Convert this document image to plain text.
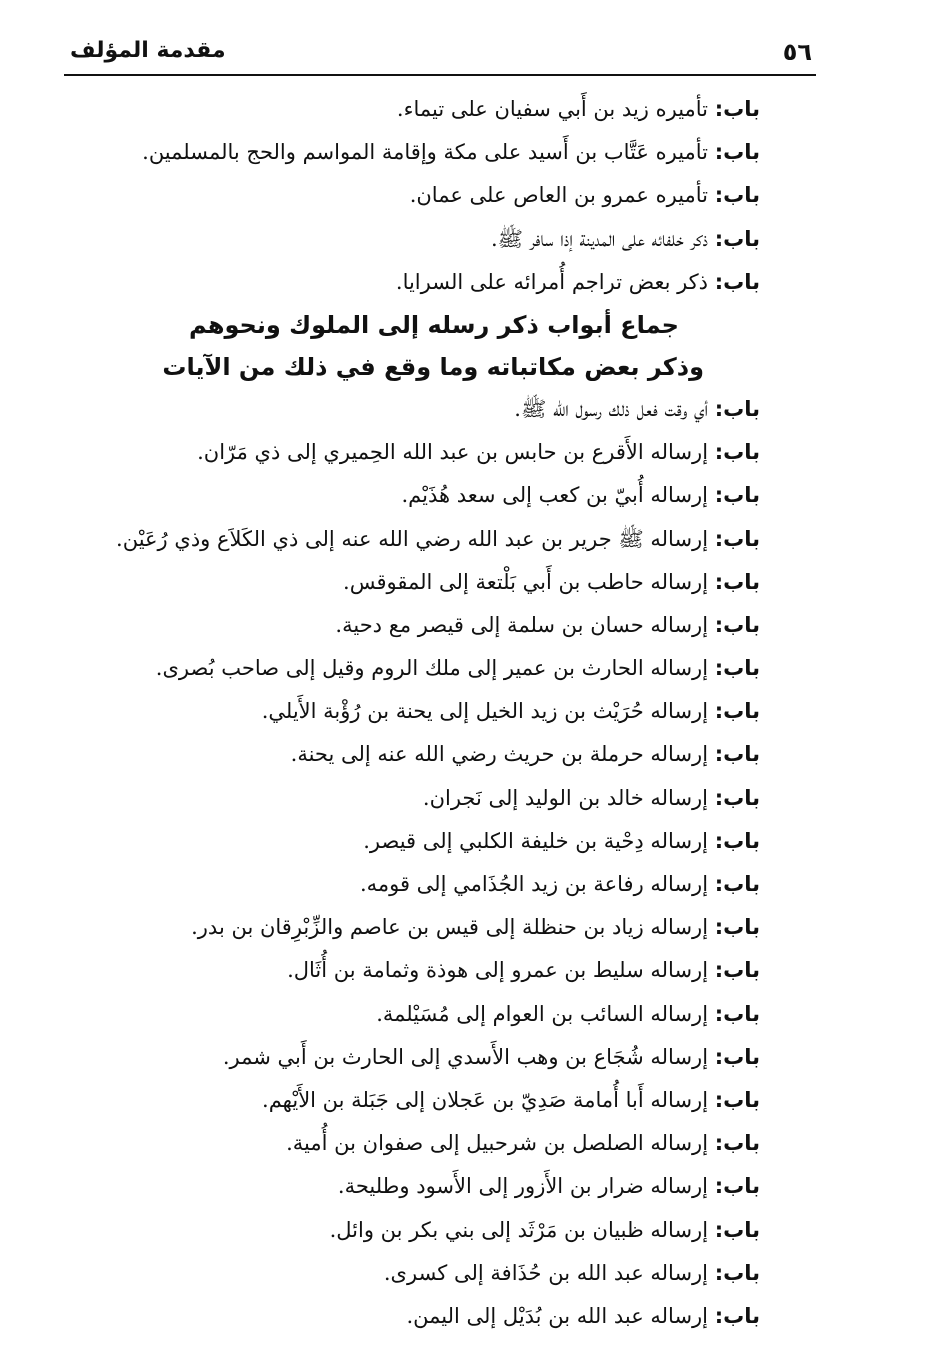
٥٦
مقدمة المؤلف
باب: تأميره زيد بن أَبي سفيان على تيماء.
باب: تأميره عَتَّاب بن أَسيد على مكة وإقامة المواسم والحج بالمسلمين.
باب: تأميره عمرو بن العاص على عمان.
باب: ذكر خلفائه على المدينة إذا سافر ﷺ.
باب: ذكر بعض تراجم أُمرائه على السرايا.
جماع أبواب ذكر رسله إلى الملوك ونحوهم
وذكر بعض مكاتباته وما وقع في ذلك من الآيات
باب: أي وقت فعل ذلك رسول الله ﷺ.
باب: إرساله الأَقرع بن حابس بن عبد الله الحِميري إلى ذي مَرّان.
باب: إرساله أُبيّ بن كعب إلى سعد هُذَيْم.
باب: إرساله ﷺ جرير بن عبد الله رضي الله عنه إلى ذي الكَلاَع وذي رُعَيْن.
باب: إرساله حاطب بن أَبي بَلْتعة إلى المقوقس.
باب: إرساله حسان بن سلمة إلى قيصر مع دحية.
باب: إرساله الحارث بن عمير إلى ملك الروم وقيل إلى صاحب بُصرى.
باب: إرساله حُرَيْث بن زيد الخيل إلى يحنة بن رُؤْبة الأَيلي.
باب: إرساله حرملة بن حريث رضي الله عنه إلى يحنة.
باب: إرساله خالد بن الوليد إلى نَجران.
باب: إرساله دِحْية بن خليفة الكلبي إلى قيصر.
باب: إرساله رفاعة بن زيد الجُذَامي إلى قومه.
باب: إرساله زياد بن حنظلة إلى قيس بن عاصم والزِّبْرِقان بن بدر.
باب: إرساله سليط بن عمرو إلى هوذة وثمامة بن أُثَال.
باب: إرساله السائب بن العوام إلى مُسَيْلمة.
باب: إرساله شُجَاع بن وهب الأَسدي إلى الحارث بن أَبي شمر.
باب: إرساله أَبا أُمامة صَدِيّ بن عَجلان إلى جَبَلة بن الأَيْهم.
باب: إرساله الصلصل بن شرحبيل إلى صفوان بن أُمية.
باب: إرساله ضرار بن الأَزور إلى الأَسود وطليحة.
باب: إرساله ظبيان بن مَرْثَد إلى بني بكر بن وائل.
باب: إرساله عبد الله بن حُذَافة إلى كسرى.
باب: إرساله عبد الله بن بُدَيْل إلى اليمن.
